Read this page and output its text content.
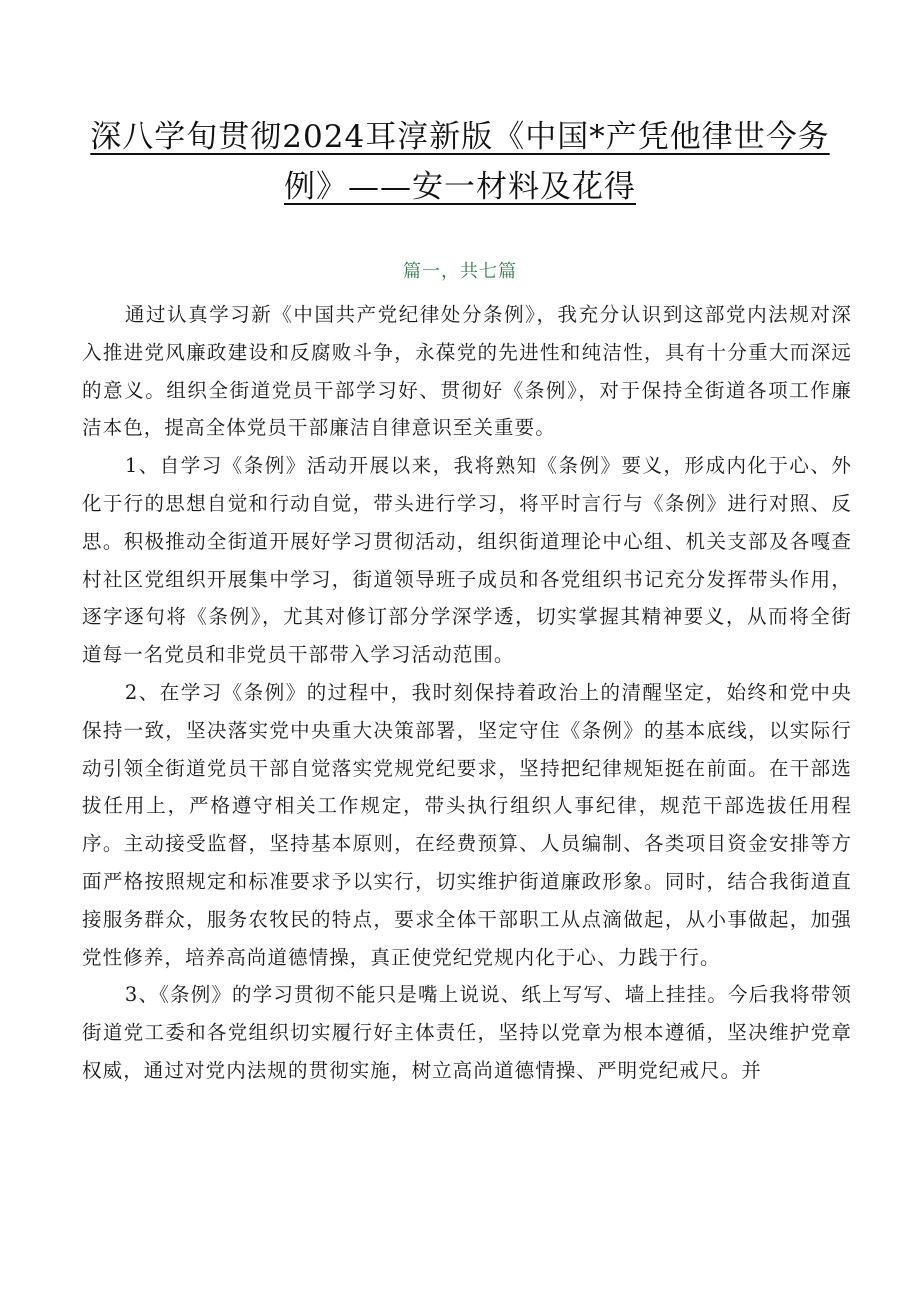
深八学旬贯彻2024耳淳新版《中国*产凭他律世今务例》——安一材料及花得
篇一，共七篇

通过认真学习新《中国共产党纪律处分条例》，我充分认识到这部党内法规对深入推进党风廉政建设和反腐败斗争，永葆党的先进性和纯洁性，具有十分重大而深远的意义。组织全街道党员干部学习好、贯彻好《条例》，对于保持全街道各项工作廉洁本色，提高全体党员干部廉洁自律意识至关重要。

1、自学习《条例》活动开展以来，我将熟知《条例》要义，形成内化于心、外化于行的思想自觉和行动自觉，带头进行学习，将平时言行与《条例》进行对照、反思。积极推动全街道开展好学习贯彻活动，组织街道理论中心组、机关支部及各嘎查村社区党组织开展集中学习，街道领导班子成员和各党组织书记充分发挥带头作用，逐字逐句将《条例》，尤其对修订部分学深学透，切实掌握其精神要义，从而将全街道每一名党员和非党员干部带入学习活动范围。

2、在学习《条例》的过程中，我时刻保持着政治上的清醒坚定，始终和党中央保持一致，坚决落实党中央重大决策部署，坚定守住《条例》的基本底线，以实际行动引领全街道党员干部自觉落实党规党纪要求，坚持把纪律规矩挺在前面。在干部选拔任用上，严格遵守相关工作规定，带头执行组织人事纪律，规范干部选拔任用程序。主动接受监督，坚持基本原则，在经费预算、人员编制、各类项目资金安排等方面严格按照规定和标准要求予以实行，切实维护街道廉政形象。同时，结合我街道直接服务群众，服务农牧民的特点，要求全体干部职工从点滴做起，从小事做起，加强党性修养，培养高尚道德情操，真正使党纪党规内化于心、力践于行。

3、《条例》的学习贯彻不能只是嘴上说说、纸上写写、墙上挂挂。今后我将带领街道党工委和各党组织切实履行好主体责任，坚持以党章为根本遵循，坚决维护党章权威，通过对党内法规的贯彻实施，树立高尚道德情操、严明党纪戒尺。并
